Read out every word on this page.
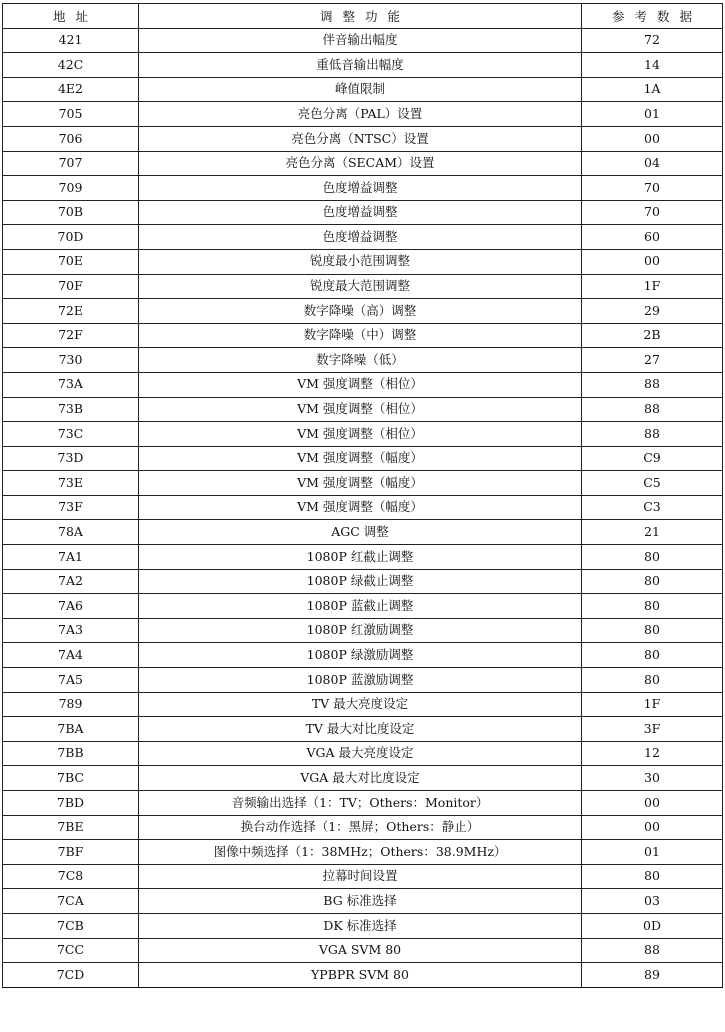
地址	调整功能	参考数据
421	伴音输出幅度	72
42C	重低音输出幅度	14
4E2	峰值限制	1A
705	亮色分离（PAL）设置	01
706	亮色分离（NTSC）设置	00
707	亮色分离（SECAM）设置	04
709	色度增益调整	70
70B	色度增益调整	70
70D	色度增益调整	60
70E	锐度最小范围调整	00
70F	锐度最大范围调整	1F
72E	数字降噪（高）调整	29
72F	数字降噪（中）调整	2B
730	数字降噪（低）	27
73A	VM 强度调整（相位）	88
73B	VM 强度调整（相位）	88
73C	VM 强度调整（相位）	88
73D	VM 强度调整（幅度）	C9
73E	VM 强度调整（幅度）	C5
73F	VM 强度调整（幅度）	C3
78A	AGC 调整	21
7A1	1080P 红截止调整	80
7A2	1080P 绿截止调整	80
7A6	1080P 蓝截止调整	80
7A3	1080P 红激励调整	80
7A4	1080P 绿激励调整	80
7A5	1080P 蓝激励调整	80
789	TV 最大亮度设定	1F
7BA	TV 最大对比度设定	3F
7BB	VGA 最大亮度设定	12
7BC	VGA 最大对比度设定	30
7BD	音频输出选择（1：TV；Others：Monitor）	00
7BE	换台动作选择（1：黑屏；Others：静止）	00
7BF	图像中频选择（1：38MHz；Others：38.9MHz）	01
7C8	拉幕时间设置	80
7CA	BG 标准选择	03
7CB	DK 标准选择	0D
7CC	VGA SVM 80	88
7CD	YPBPR SVM 80	89
